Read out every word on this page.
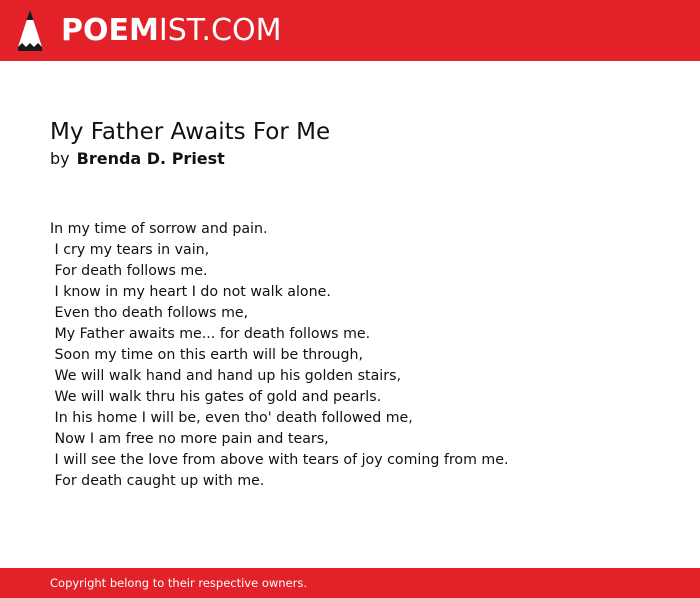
POEMIST.COM
My Father Awaits For Me
by Brenda D. Priest
In my time of sorrow and pain.
I cry my tears in vain,
For death follows me.
I know in my heart I do not walk alone.
Even tho death follows me,
My Father awaits me... for death follows me.
Soon my time on this earth will be through,
We will walk hand and hand up his golden stairs,
We will walk thru his gates of gold and pearls.
In his home I will be, even tho' death followed me,
Now I am free no more pain and tears,
I will see the love from above with tears of joy coming from me.
For death caught up with me.
Copyright belong to their respective owners.
